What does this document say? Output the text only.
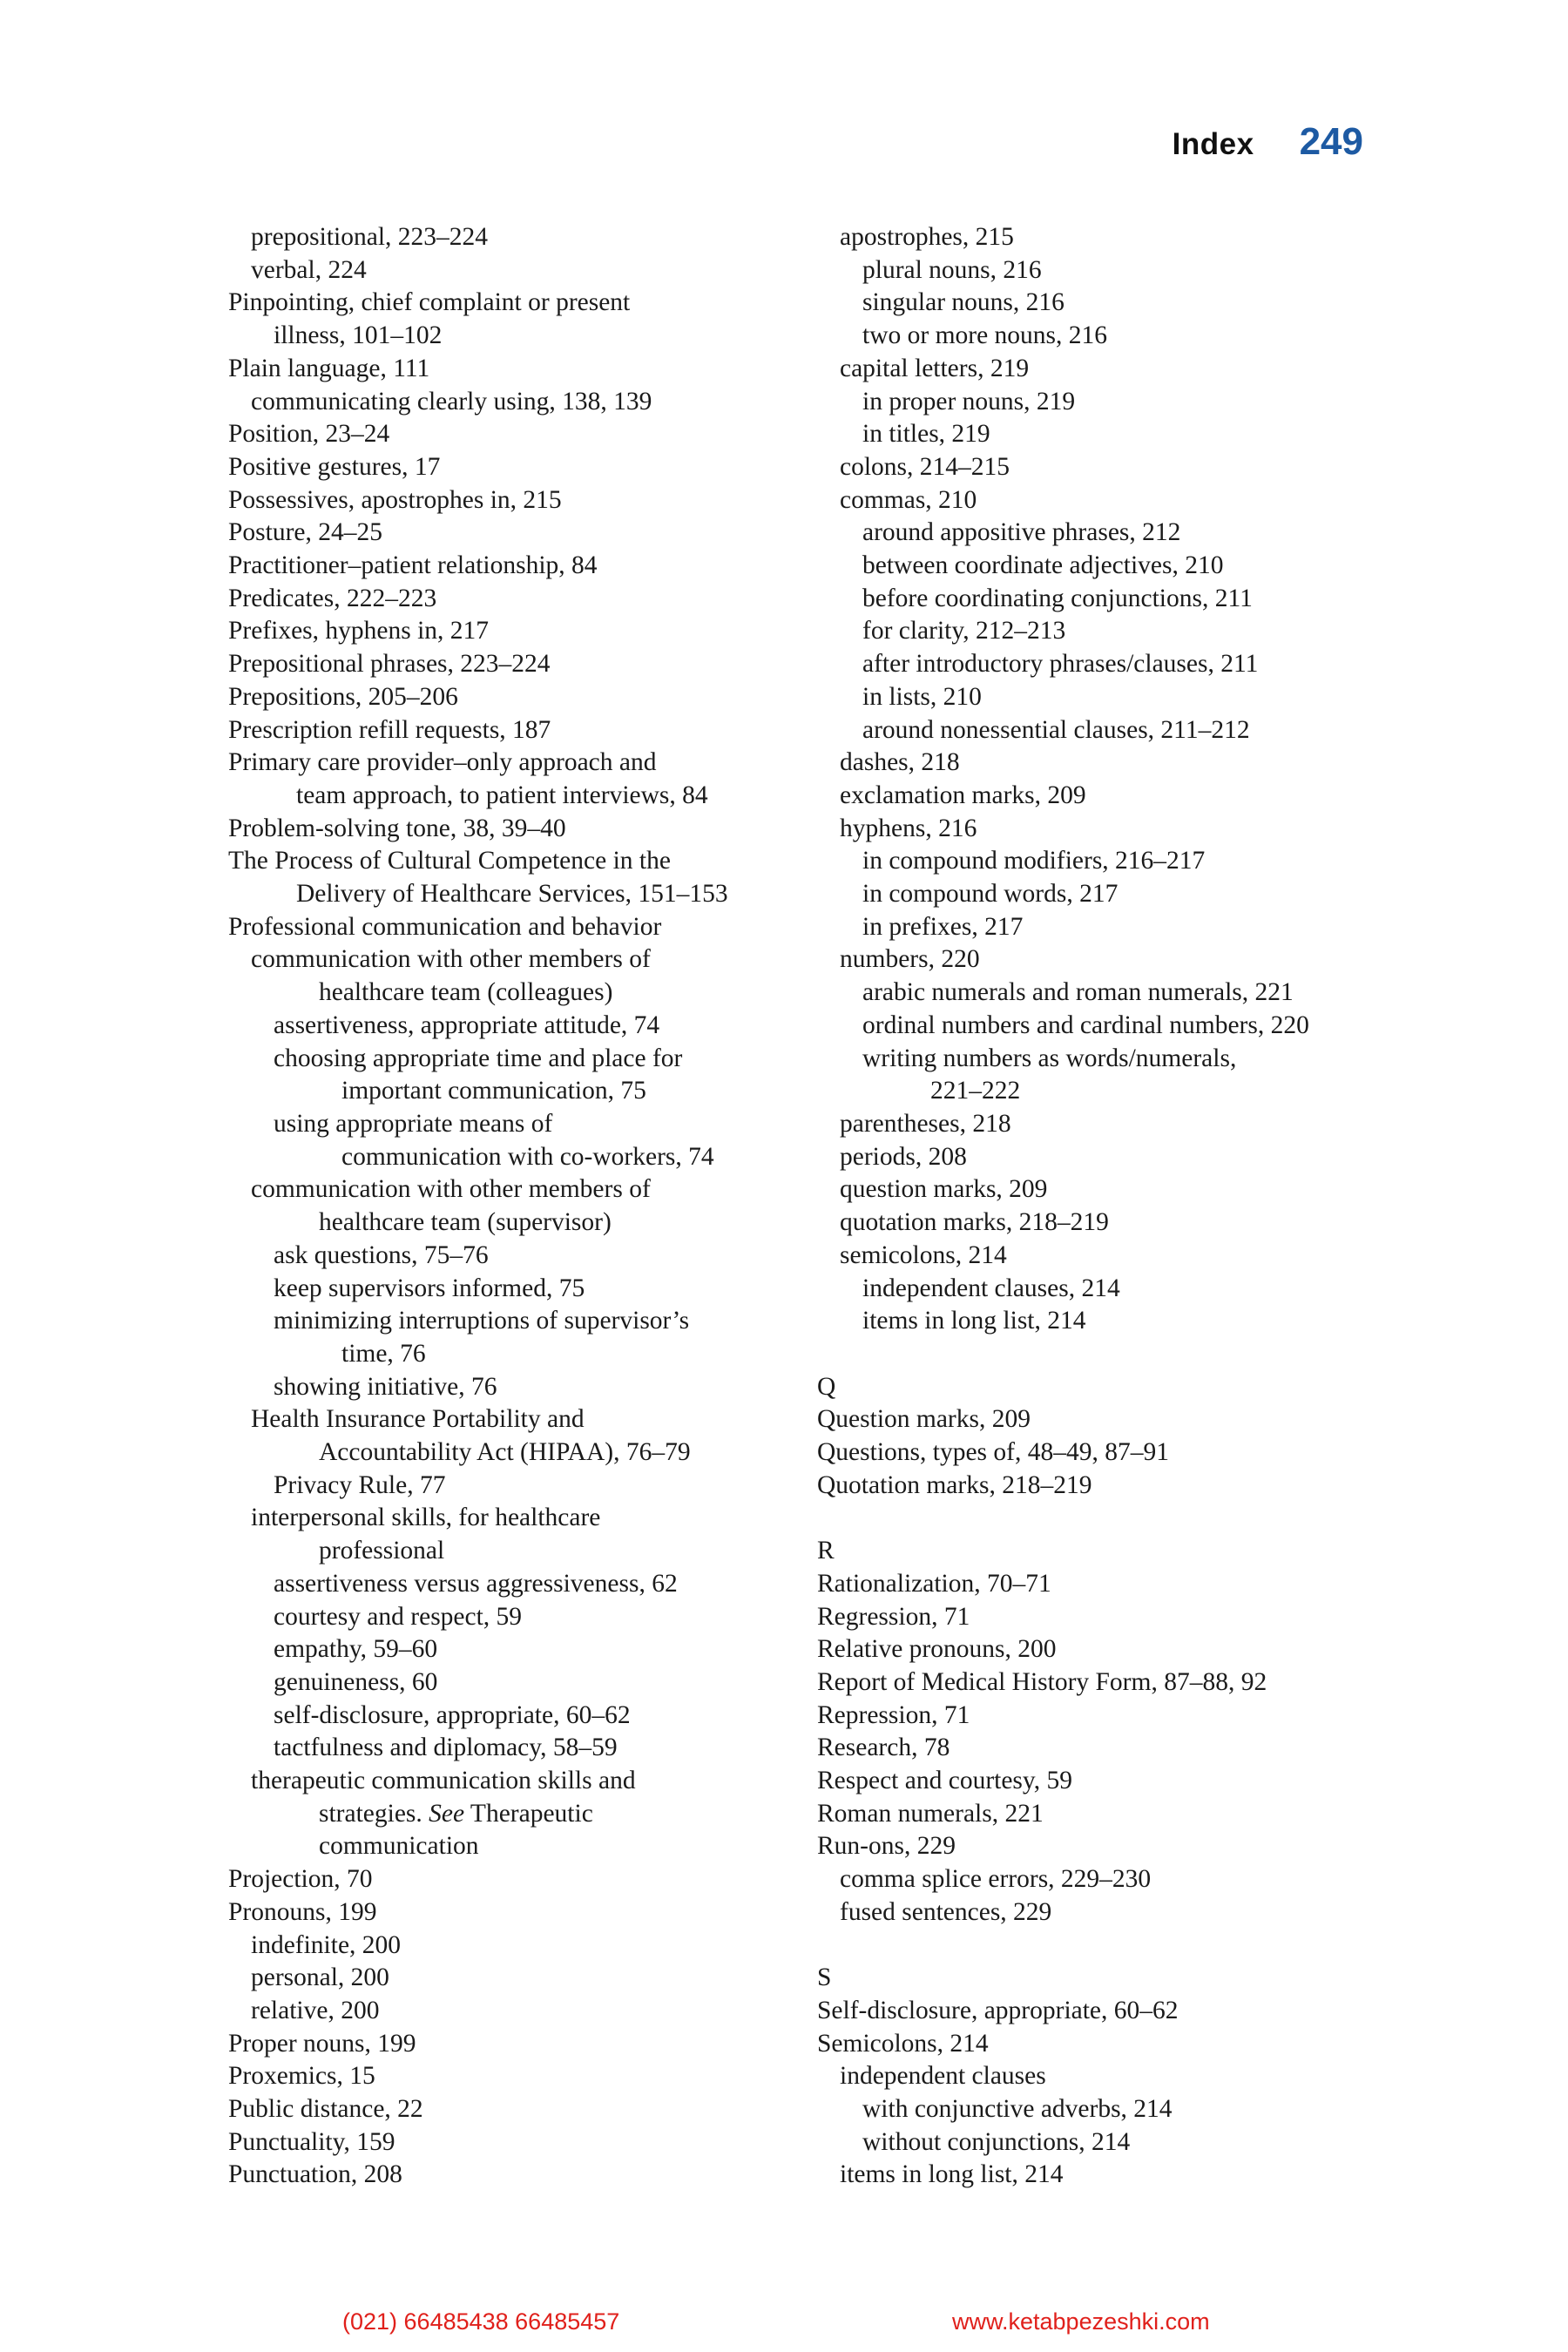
Index 249
prepositional, 223–224
verbal, 224
Pinpointing, chief complaint or present
illness, 101–102
Plain language, 111
communicating clearly using, 138, 139
Position, 23–24
Positive gestures, 17
Possessives, apostrophes in, 215
Posture, 24–25
Practitioner–patient relationship, 84
Predicates, 222–223
Prefixes, hyphens in, 217
Prepositional phrases, 223–224
Prepositions, 205–206
Prescription refill requests, 187
Primary care provider–only approach and
team approach, to patient interviews, 84
Problem-solving tone, 38, 39–40
The Process of Cultural Competence in the
Delivery of Healthcare Services, 151–153
Professional communication and behavior
communication with other members of
healthcare team (colleagues)
assertiveness, appropriate attitude, 74
choosing appropriate time and place for
important communication, 75
using appropriate means of
communication with co-workers, 74
communication with other members of
healthcare team (supervisor)
ask questions, 75–76
keep supervisors informed, 75
minimizing interruptions of supervisor’s
time, 76
showing initiative, 76
Health Insurance Portability and
Accountability Act (HIPAA), 76–79
Privacy Rule, 77
interpersonal skills, for healthcare
professional
assertiveness versus aggressiveness, 62
courtesy and respect, 59
empathy, 59–60
genuineness, 60
self-disclosure, appropriate, 60–62
tactfulness and diplomacy, 58–59
therapeutic communication skills and
strategies. See Therapeutic
communication
Projection, 70
Pronouns, 199
indefinite, 200
personal, 200
relative, 200
Proper nouns, 199
Proxemics, 15
Public distance, 22
Punctuality, 159
Punctuation, 208
apostrophes, 215
plural nouns, 216
singular nouns, 216
two or more nouns, 216
capital letters, 219
in proper nouns, 219
in titles, 219
colons, 214–215
commas, 210
around appositive phrases, 212
between coordinate adjectives, 210
before coordinating conjunctions, 211
for clarity, 212–213
after introductory phrases/clauses, 211
in lists, 210
around nonessential clauses, 211–212
dashes, 218
exclamation marks, 209
hyphens, 216
in compound modifiers, 216–217
in compound words, 217
in prefixes, 217
numbers, 220
arabic numerals and roman numerals, 221
ordinal numbers and cardinal numbers, 220
writing numbers as words/numerals,
221–222
parentheses, 218
periods, 208
question marks, 209
quotation marks, 218–219
semicolons, 214
independent clauses, 214
items in long list, 214
Q
Question marks, 209
Questions, types of, 48–49, 87–91
Quotation marks, 218–219
R
Rationalization, 70–71
Regression, 71
Relative pronouns, 200
Report of Medical History Form, 87–88, 92
Repression, 71
Research, 78
Respect and courtesy, 59
Roman numerals, 221
Run-ons, 229
comma splice errors, 229–230
fused sentences, 229
S
Self-disclosure, appropriate, 60–62
Semicolons, 214
independent clauses
with conjunctive adverbs, 214
without conjunctions, 214
items in long list, 214
(021) 66485438 66485457	www.ketabpezeshki.com
